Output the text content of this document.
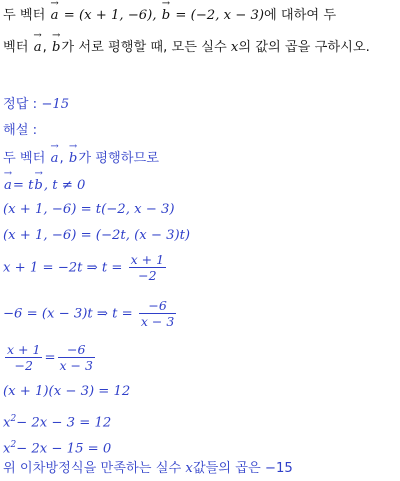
두 벡터 → a = (x + 1, −6), → b = (−2, x − 3)에 대하여 두
벡터 → a, → b가 서로 평행할 때, 모든 실수 x의 값의 곱을 구하시오.
정답 : −15
해설 :
두 벡터 → a, → b가 평행하므로
→ a= t→ b, t ≠ 0
(x + 1, −6) = t(−2, x − 3)
(x + 1, −6) = (−2t, (x − 3)t)
x + 1 = −2t ⇒ $t = \frac{x + 1}{-2}$
−6 = (x − 3)t ⇒ $t = \frac{-6}{x - 3}$
$\frac{x + 1}{-2} = \frac{-6}{x - 3}$
(x + 1)(x − 3) = 12
$x^2- 2x - 3 = 12$
$x^2- 2x - 15 = 0$
위 이차방정식을 만족하는 실수 x값들의 곱은 −15
